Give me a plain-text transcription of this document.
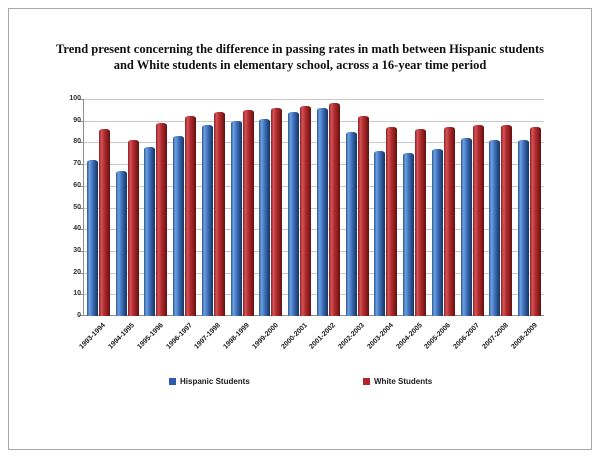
Trend present concerning the difference in passing rates in math between Hispanic students and White students in elementary school, across a 16-year time period
0
10
20
30
40
50
60
70
80
90
100
1993-1994 1994-1995 1995-1996 1996-1997 1997-1998 1998-1999 1999-2000 2000-2001 2001-2002 2002-2003 2003-2004 2004-2005 2005-2006 2006-2007 2007-2008 2008-2009
Hispanic Students	White Students
